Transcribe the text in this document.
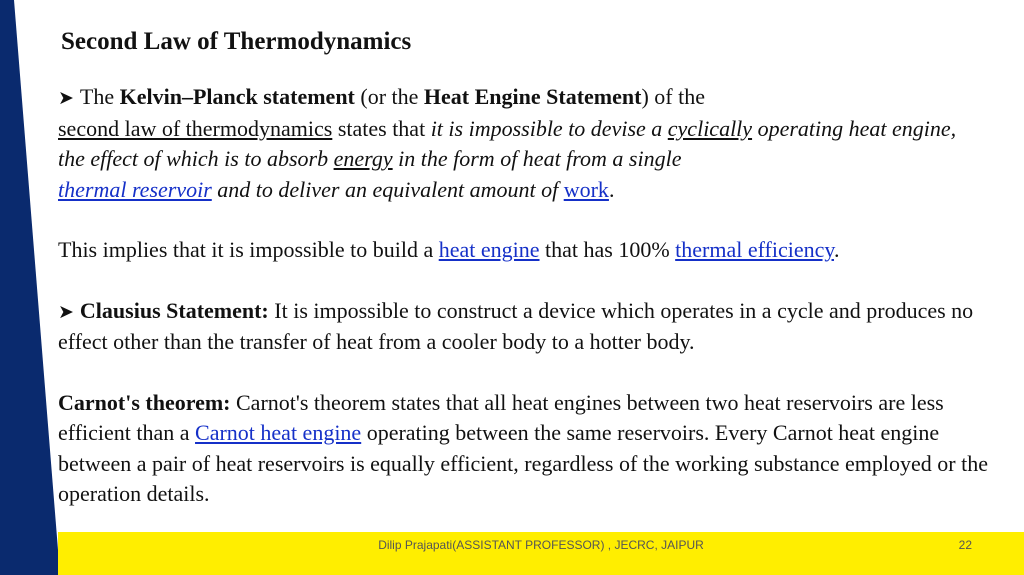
Dilip Prajapati(ASSISTANT PROFESSOR) , JECRC, JAIPUR	22
Second Law of Thermodynamics

➤ The Kelvin–Planck statement (or the Heat Engine Statement) of the
second law of thermodynamics states that it is impossible to devise a cyclically operating heat engine, the effect of which is to absorb energy in the form of heat from a single
thermal reservoir and to deliver an equivalent amount of work.

This implies that it is impossible to build a heat engine that has 100% thermal efficiency.

➤ Clausius Statement: It is impossible to construct a device which operates in a cycle and produces no effect other than the transfer of heat from a cooler body to a hotter body.

Carnot's theorem: Carnot's theorem states that all heat engines between two heat reservoirs are less efficient than a Carnot heat engine operating between the same reservoirs. Every Carnot heat engine between a pair of heat reservoirs is equally efficient, regardless of the working substance employed or the operation details.
